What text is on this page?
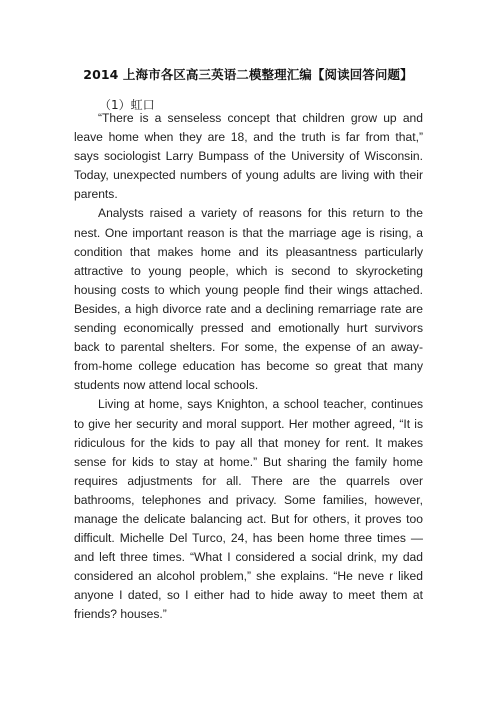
2014 上海市各区高三英语二模整理汇编【阅读回答问题】
（1）虹口

“There is a senseless concept that children grow up and leave home when they are 18, and the truth is far from that,” says sociologist Larry Bumpass of the University of Wisconsin. Today, unexpected numbers of young adults are living with their parents.

Analysts raised a variety of reasons for this return to the nest. One important reason is that the marriage age is rising, a condition that makes home and its pleasantness particularly attractive to young people, which is second to skyrocketing housing costs to which young people find their wings attached. Besides, a high divorce rate and a declining remarriage rate are sending economically pressed and emotionally hurt survivors back to parental shelters. For some, the expense of an away-from-home college education has become so great that many students now attend local schools.

Living at home, says Knighton, a school teacher, continues to give her security and moral support. Her mother agreed, “It is ridiculous for the kids to pay all that money for rent. It makes sense for kids to stay at home.” But sharing the family home requires adjustments for all. There are the quarrels over bathrooms, telephones and privacy. Some families, however, manage the delicate balancing act. But for others, it proves too difficult. Michelle Del Turco, 24, has been home three times — and left three times. “What I considered a social drink, my dad considered an alcohol problem,” she explains. “He neve r liked anyone I dated, so I either had to hide away to meet them at friends? houses.”
